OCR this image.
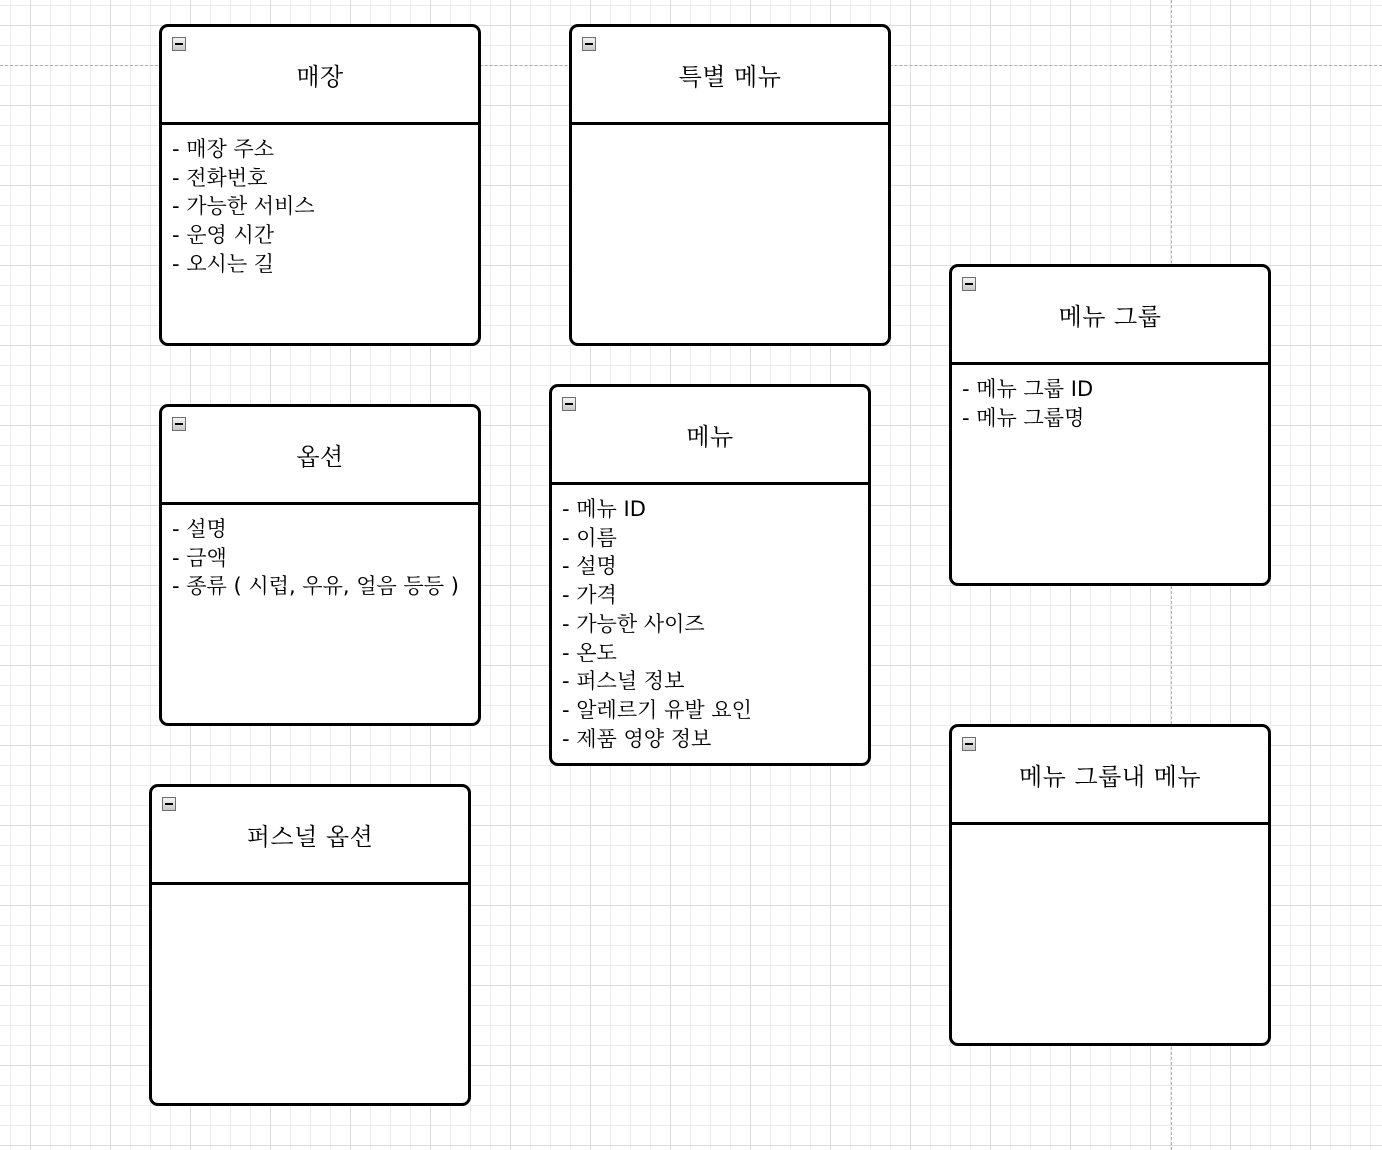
매장
- 매장 주소
- 전화번호
- 가능한 서비스
- 운영 시간
- 오시는 길
특별 메뉴
메뉴 그룹
- 메뉴 그룹 ID
- 메뉴 그룹명
옵션
- 설명
- 금액
- 종류 ( 시럽, 우유, 얼음 등등 )
메뉴
- 메뉴 ID
- 이름
- 설명
- 가격
- 가능한 사이즈
- 온도
- 퍼스널 정보
- 알레르기 유발 요인
- 제품 영양 정보
메뉴 그룹내 메뉴
퍼스널 옵션
